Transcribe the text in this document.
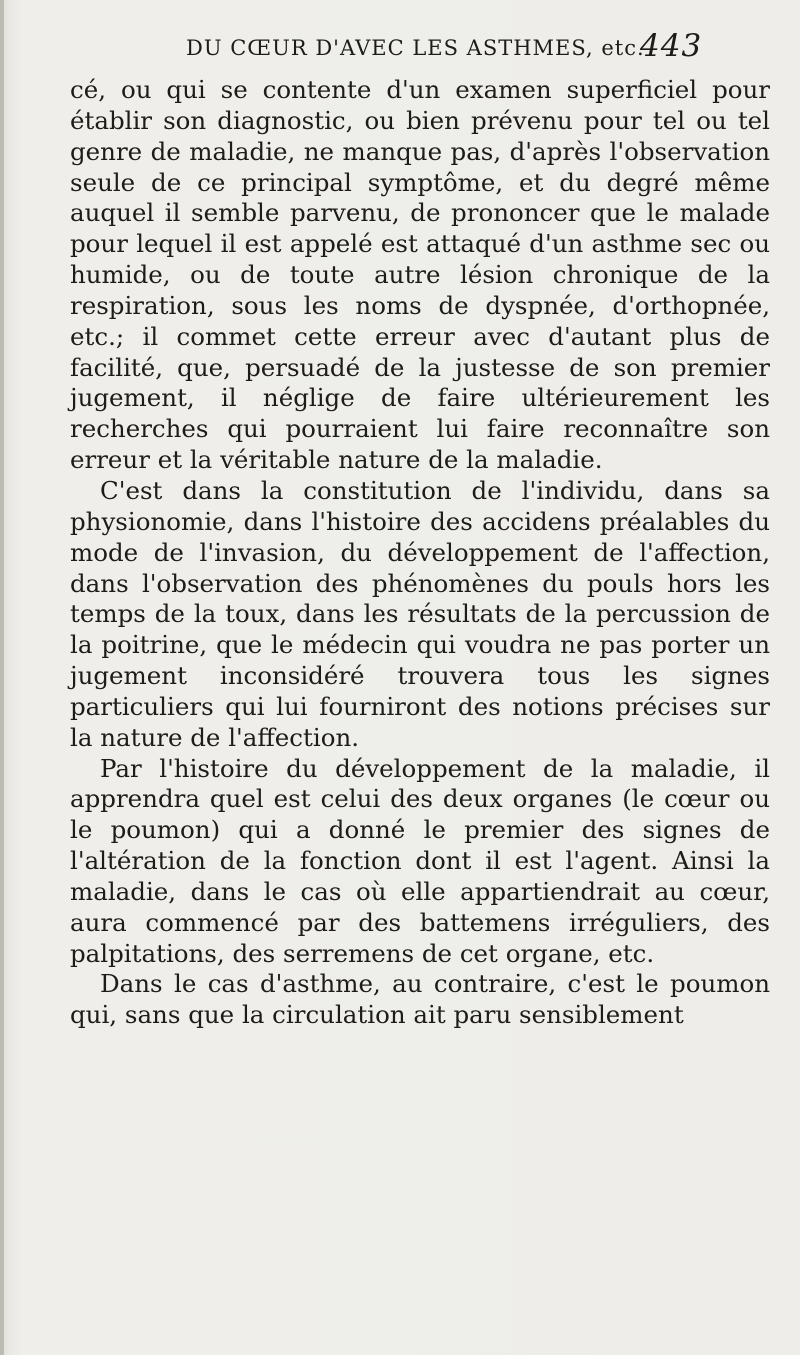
DU CŒUR D'AVEC LES ASTHMES, etc.
443

cé, ou qui se contente d'un examen superficiel pour établir son diagnostic, ou bien prévenu pour tel ou tel genre de maladie, ne manque pas, d'après l'observation seule de ce principal symptôme, et du degré même auquel il semble parvenu, de prononcer que le malade pour lequel il est appelé est attaqué d'un asthme sec ou humide, ou de toute autre lésion chronique de la respiration, sous les noms de dyspnée, d'orthopnée, etc.; il commet cette erreur avec d'autant plus de facilité, que, persuadé de la justesse de son premier jugement, il néglige de faire ultérieurement les recherches qui pourraient lui faire reconnaître son erreur et la véritable nature de la maladie.

C'est dans la constitution de l'individu, dans sa physionomie, dans l'histoire des accidens préalables du mode de l'invasion, du développement de l'affection, dans l'observation des phénomènes du pouls hors les temps de la toux, dans les résultats de la percussion de la poitrine, que le médecin qui voudra ne pas porter un jugement inconsidéré trouvera tous les signes particuliers qui lui fourniront des notions précises sur la nature de l'affection.

Par l'histoire du développement de la maladie, il apprendra quel est celui des deux organes (le cœur ou le poumon) qui a donné le premier des signes de l'altération de la fonction dont il est l'agent. Ainsi la maladie, dans le cas où elle appartiendrait au cœur, aura commencé par des battemens irréguliers, des palpitations, des serremens de cet organe, etc.

Dans le cas d'asthme, au contraire, c'est le poumon qui, sans que la circulation ait paru sensiblement
